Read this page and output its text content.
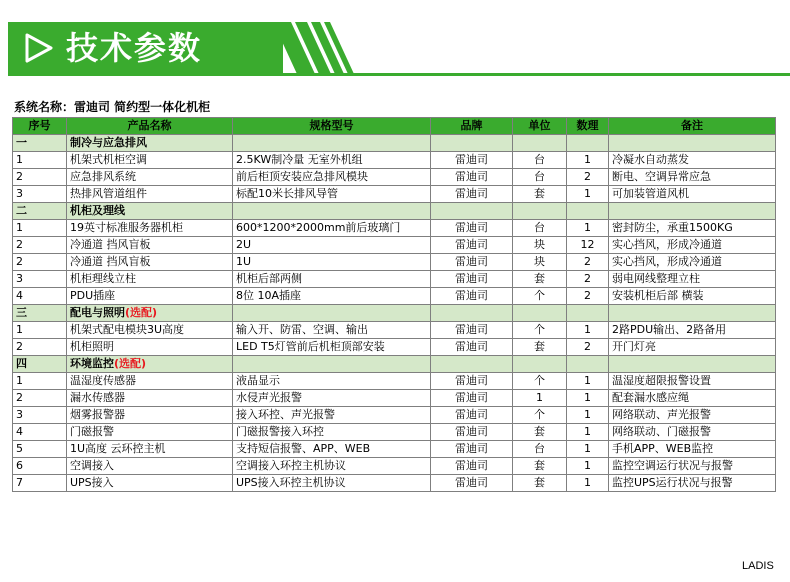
技术参数
系统名称：雷迪司 简约型一体化机柜
序号	产品名称	规格型号	品牌	单位	数理	备注
一	制冷与应急排风					
1	机架式机柜空调	2.5KW制冷量 无室外机组	雷迪司	台	1	冷凝水自动蒸发
2	应急排风系统	前后柜顶安装应急排风模块	雷迪司	台	2	断电、空调异常应急
3	热排风管道组件	标配10米长排风导管	雷迪司	套	1	可加装管道风机
二	机柜及理线					
1	19英寸标准服务器机柜	600*1200*2000mm前后玻璃门	雷迪司	台	1	密封防尘，承重1500KG
2	冷通道 挡风盲板	2U	雷迪司	块	12	实心挡风，形成冷通道
2	冷通道 挡风盲板	1U	雷迪司	块	2	实心挡风，形成冷通道
3	机柜理线立柱	机柜后部两侧	雷迪司	套	2	弱电网线整理立柱
4	PDU插座	8位 10A插座	雷迪司	个	2	安装机柜后部 横装
三	配电与照明(选配)					
1	机架式配电模块3U高度	输入开、防雷、空调、输出	雷迪司	个	1	2路PDU输出、2路备用
2	机柜照明	LED T5灯管前后机柜顶部安装	雷迪司	套	2	开门灯亮
四	环境监控(选配)					
1	温湿度传感器	液晶显示	雷迪司	个	1	温湿度超限报警设置
2	漏水传感器	水侵声光报警	雷迪司	1	1	配套漏水感应绳
3	烟雾报警器	接入环控、声光报警	雷迪司	个	1	网络联动、声光报警
4	门磁报警	门磁报警接入环控	雷迪司	套	1	网络联动、门磁报警
5	1U高度 云环控主机	支持短信报警、APP、WEB	雷迪司	台	1	手机APP、WEB监控
6	空调接入	空调接入环控主机协议	雷迪司	套	1	监控空调运行状况与报警
7	UPS接入	UPS接入环控主机协议	雷迪司	套	1	监控UPS运行状况与报警
LADIS
